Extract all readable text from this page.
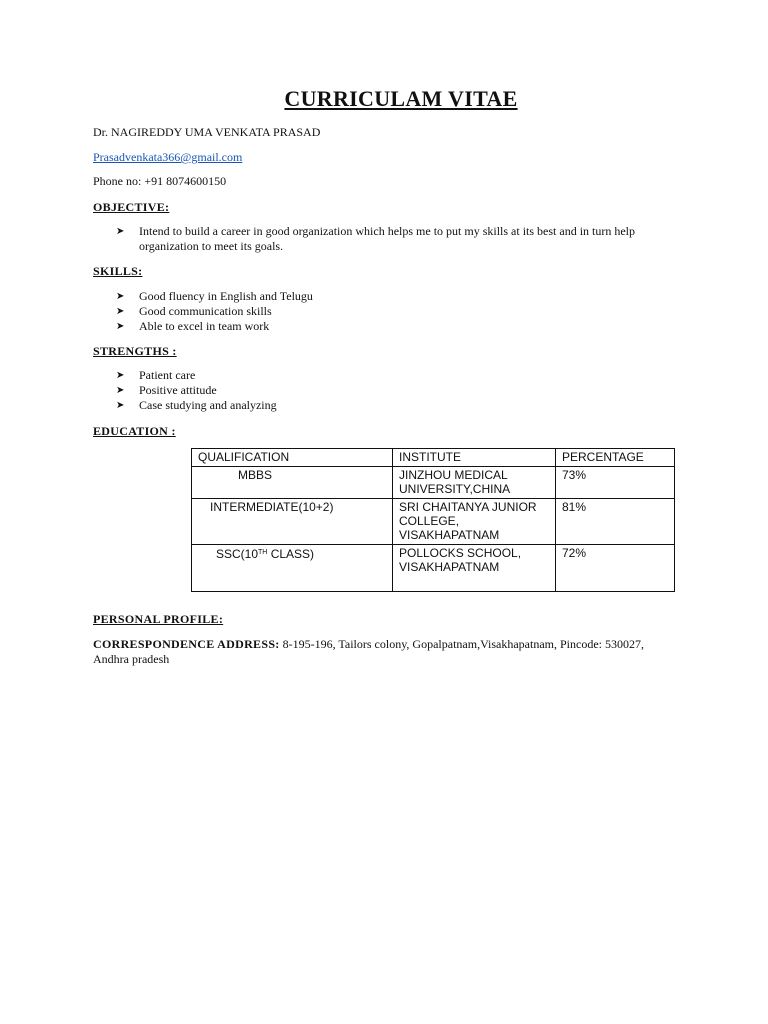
CURRICULAM VITAE
Dr. NAGIREDDY UMA VENKATA PRASAD
Prasadvenkata366@gmail.com
Phone no: +91 8074600150
OBJECTIVE:
➤	Intend to build a career in good organization which helps me to put my skills at its best and in turn help organization to meet its goals.
SKILLS:
➤	Good fluency in English and Telugu
➤	Good communication skills
➤	Able to excel in team work
STRENGTHS :
➤	Patient care
➤	Positive attitude
➤	Case studying and analyzing
EDUCATION :
QUALIFICATION	INSTITUTE	PERCENTAGE
MBBS	JINZHOU MEDICAL UNIVERSITY,CHINA	73%
INTERMEDIATE(10+2)	SRI CHAITANYA JUNIOR COLLEGE, VISAKHAPATNAM	81%
SSC(10TH CLASS)	POLLOCKS SCHOOL, VISAKHAPATNAM	72%
PERSONAL PROFILE:
CORRESPONDENCE ADDRESS: 8-195-196, Tailors colony, Gopalpatnam,Visakhapatnam, Pincode: 530027, Andhra pradesh
